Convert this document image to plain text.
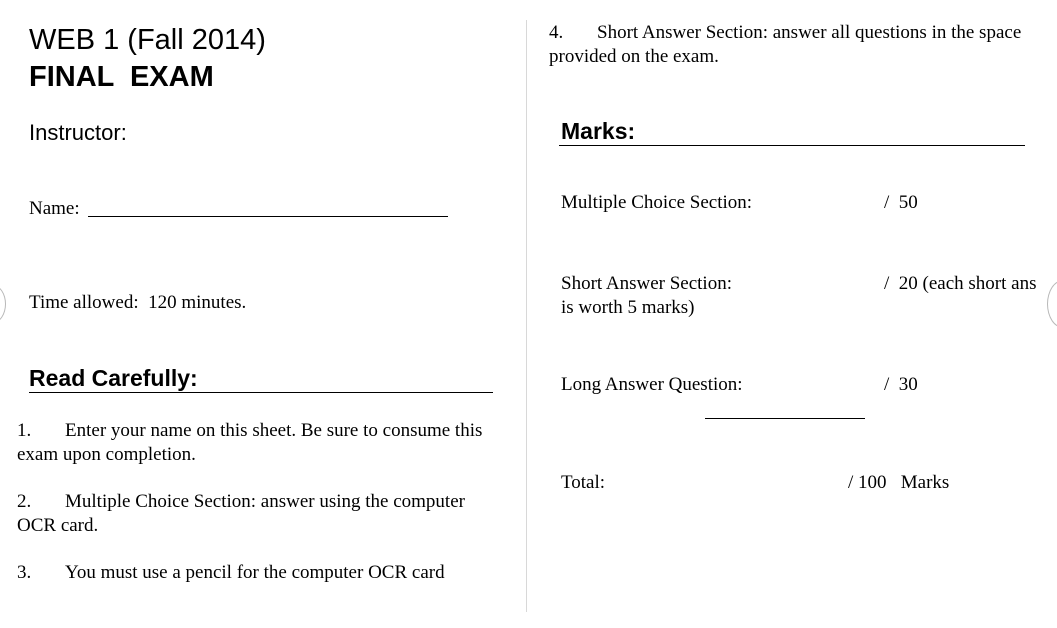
WEB 1 (Fall 2014)
FINAL  EXAM
Instructor:
Name:
Time allowed:  120 minutes.
Read Carefully:
1. Enter your name on this sheet. Be sure to consume this exam upon completion.
2. Multiple Choice Section: answer using the computer OCR card.
3. You must use a pencil for the computer OCR card
4. Short Answer Section: answer all questions in the space provided on the exam.
Marks:
Multiple Choice Section:	/  50
Short Answer Section:	/  20 (each short ans
is worth 5 marks)
Long Answer Question:	/  30
Total:	/ 100   Marks
